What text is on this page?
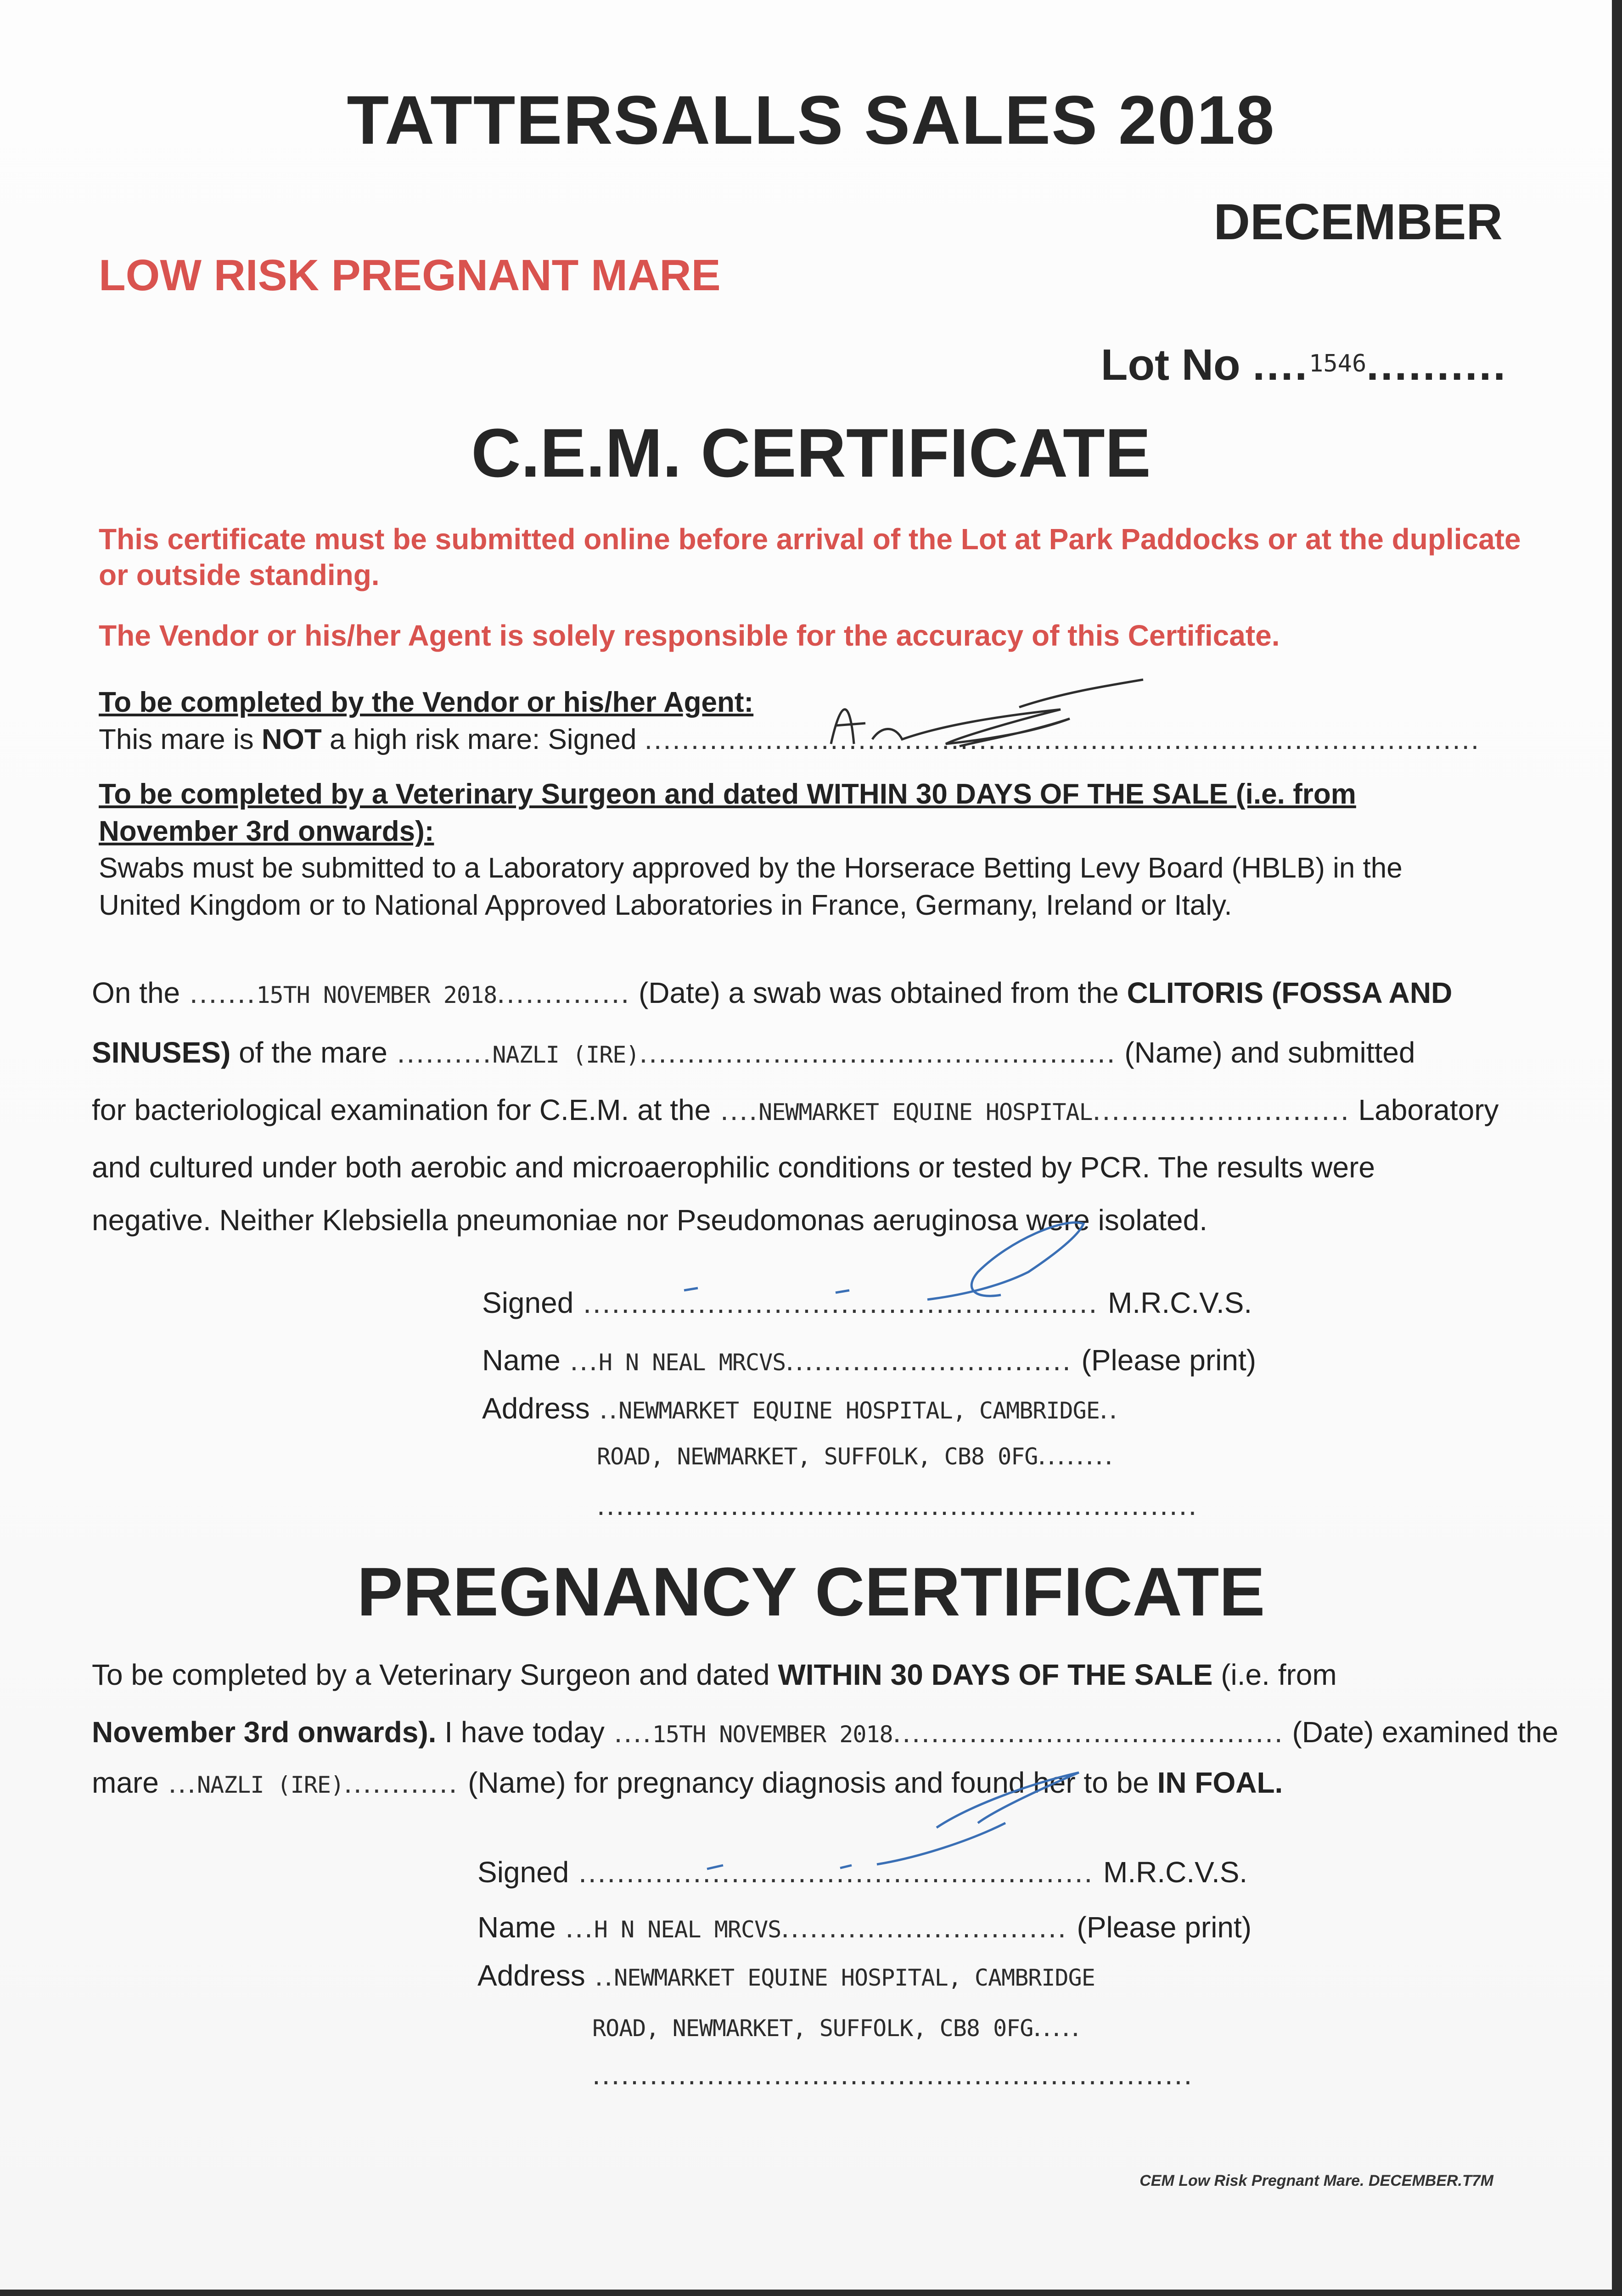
TATTERSALLS SALES 2018
DECEMBER
LOW RISK PREGNANT MARE
Lot No ....1546..........
C.E.M. CERTIFICATE
This certificate must be submitted online before arrival of the Lot at Park Paddocks or at the duplicate or outside standing.
The Vendor or his/her Agent is solely responsible for the accuracy of this Certificate.
To be completed by the Vendor or his/her Agent:
This mare is NOT a high risk mare: Signed ..........................................................................................
To be completed by a Veterinary Surgeon and dated WITHIN 30 DAYS OF THE SALE (i.e. from
November 3rd onwards):
Swabs must be submitted to a Laboratory approved by the Horserace Betting Levy Board (HBLB) in the
United Kingdom or to National Approved Laboratories in France, Germany, Ireland or Italy.
On the .......15TH NOVEMBER 2018.............. (Date) a swab was obtained from the CLITORIS (FOSSA AND
SINUSES) of the mare ..........NAZLI (IRE).................................................. (Name) and submitted
for bacteriological examination for C.E.M. at the ....NEWMARKET EQUINE HOSPITAL........................... Laboratory
and cultured under both aerobic and microaerophilic conditions or tested by PCR. The results were
negative. Neither Klebsiella pneumoniae nor Pseudomonas aeruginosa were isolated.
Signed ...................................................... M.R.C.V.S.
Name ...H N NEAL MRCVS.............................. (Please print)
Address ..NEWMARKET EQUINE HOSPITAL, CAMBRIDGE..
ROAD, NEWMARKET, SUFFOLK, CB8 0FG........
...............................................................
PREGNANCY CERTIFICATE
To be completed by a Veterinary Surgeon and dated WITHIN 30 DAYS OF THE SALE (i.e. from
November 3rd onwards). I have today ....15TH NOVEMBER 2018......................................... (Date) examined the
mare ...NAZLI (IRE)............ (Name) for pregnancy diagnosis and found her to be IN FOAL.
Signed ...................................................... M.R.C.V.S.
Name ...H N NEAL MRCVS.............................. (Please print)
Address ..NEWMARKET EQUINE HOSPITAL, CAMBRIDGE
ROAD, NEWMARKET, SUFFOLK, CB8 0FG.....
...............................................................
CEM Low Risk Pregnant Mare. DECEMBER.T7M
